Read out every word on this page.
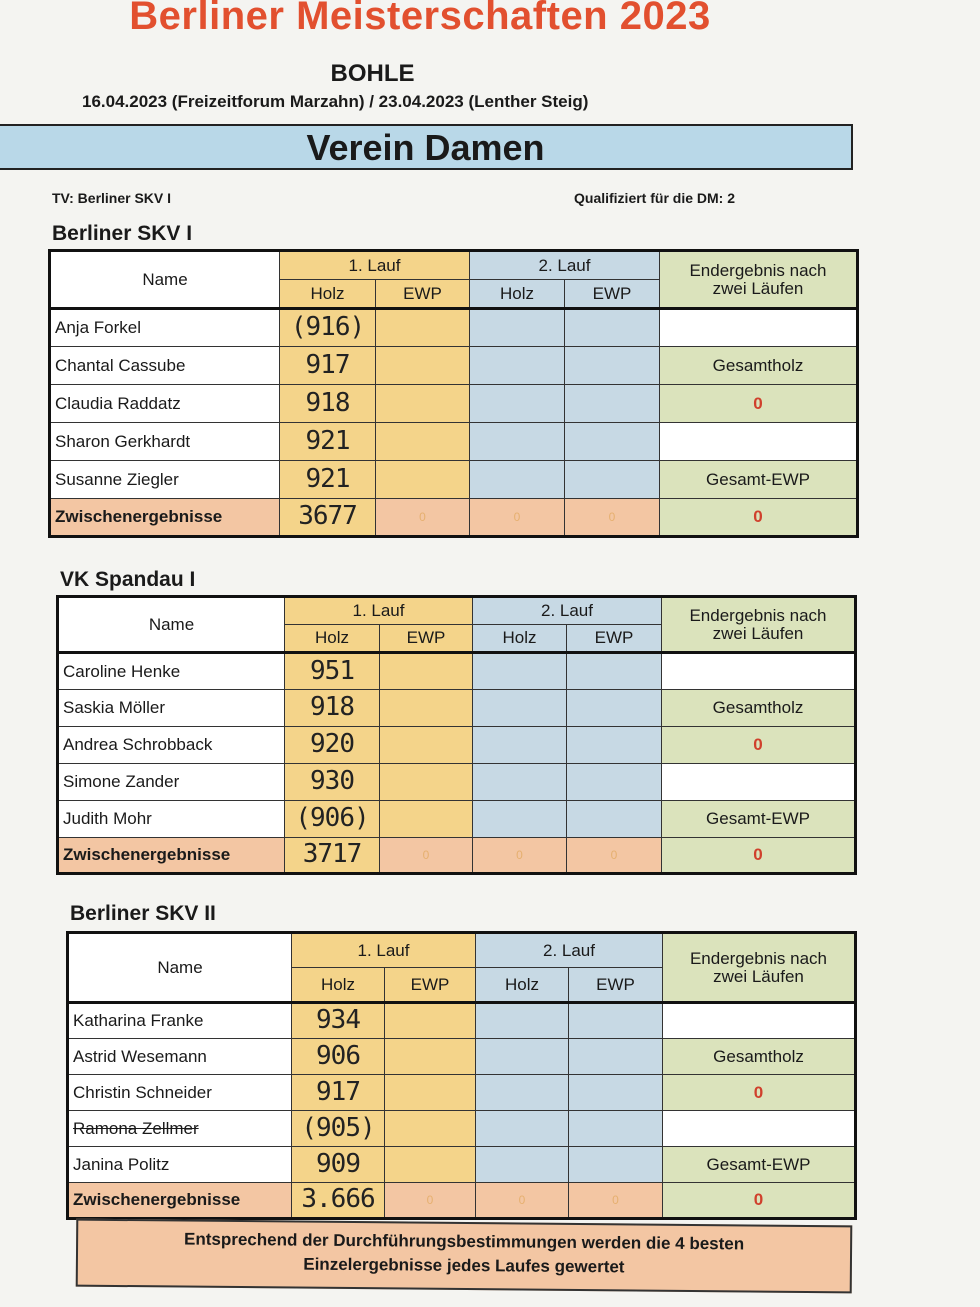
Berliner Meisterschaften 2023
BOHLE
16.04.2023 (Freizeitforum Marzahn) / 23.04.2023 (Lenther Steig)
Verein Damen
TV: Berliner SKV I	Qualifiziert für die DM: 2
Berliner SKV I
Name	1. Lauf		2. Lauf		Endergebnis nach
zwei Läufen

	Holz	EWP	Holz	EWP	
Anja Forkel	(916)				
Chantal Cassube	917				Gesamtholz
Claudia Raddatz	918				0
Sharon Gerkhardt	921				
Susanne Ziegler	921				Gesamt-EWP
Zwischenergebnisse	3677	0	0	0	0
VK Spandau I
Name	1. Lauf		2. Lauf		Endergebnis nach
zwei Läufen

	Holz	EWP	Holz	EWP	
Caroline Henke	951				
Saskia Möller	918				Gesamtholz
Andrea Schrobback	920				0
Simone Zander	930				
Judith Mohr	(906)				Gesamt-EWP
Zwischenergebnisse	3717	0	0	0	0
Berliner SKV II
Name	1. Lauf		2. Lauf		Endergebnis nach
zwei Läufen

	Holz	EWP	Holz	EWP	
Katharina Franke	934				
Astrid Wesemann	906				Gesamtholz
Christin Schneider	917				0
Ramona Zellmer	(905)				
Janina Politz	909				Gesamt-EWP
Zwischenergebnisse	3.666	0	0	0	0
Entsprechend der Durchführungsbestimmungen werden die 4 besten
Einzelergebnisse jedes Laufes gewertet
